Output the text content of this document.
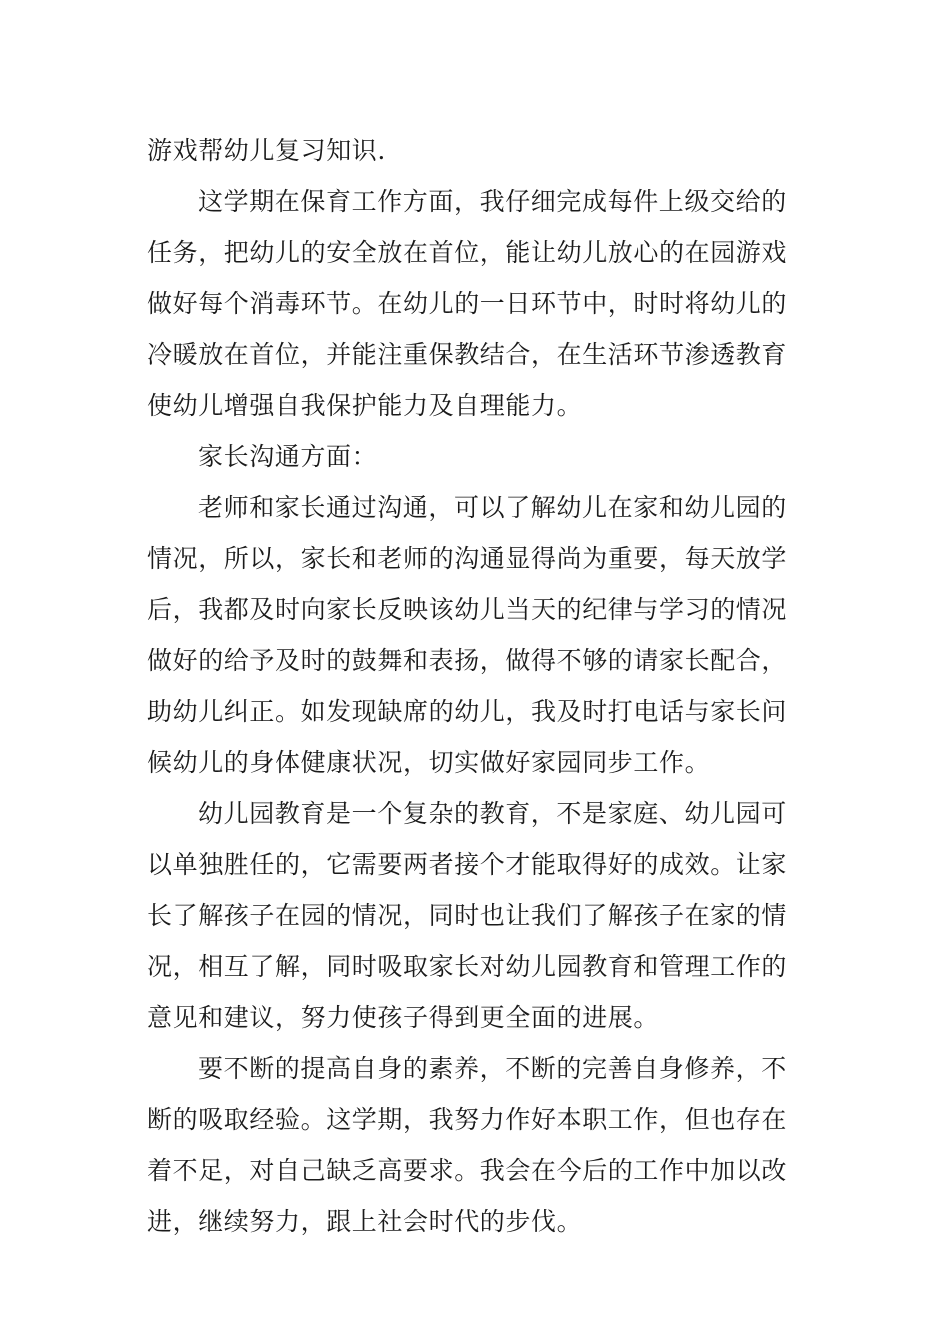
游戏帮幼儿复习知识.
这学期在保育工作方面，我仔细完成每件上级交给的
任务，把幼儿的安全放在首位，能让幼儿放心的在园游戏
做好每个消毒环节。在幼儿的一日环节中，时时将幼儿的
冷暖放在首位，并能注重保教结合，在生活环节渗透教育
使幼儿增强自我保护能力及自理能力。
家长沟通方面：
老师和家长通过沟通，可以了解幼儿在家和幼儿园的
情况，所以，家长和老师的沟通显得尚为重要，每天放学
后，我都及时向家长反映该幼儿当天的纪律与学习的情况
做好的给予及时的鼓舞和表扬，做得不够的请家长配合，
助幼儿纠正。如发现缺席的幼儿，我及时打电话与家长问
候幼儿的身体健康状况，切实做好家园同步工作。
幼儿园教育是一个复杂的教育，不是家庭、幼儿园可
以单独胜任的，它需要两者接个才能取得好的成效。让家
长了解孩子在园的情况，同时也让我们了解孩子在家的情
况，相互了解，同时吸取家长对幼儿园教育和管理工作的
意见和建议，努力使孩子得到更全面的进展。
要不断的提高自身的素养，不断的完善自身修养，不
断的吸取经验。这学期，我努力作好本职工作，但也存在
着不足，对自己缺乏高要求。我会在今后的工作中加以改
进，继续努力，跟上社会时代的步伐。
